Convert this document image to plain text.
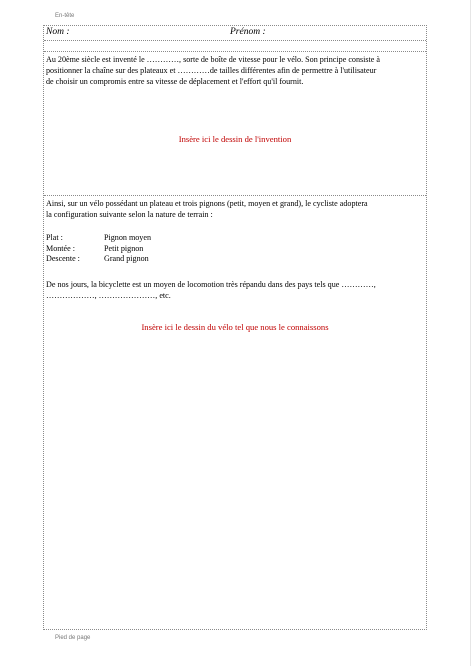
En-tête
Nom :	Prénom :

Au 20ème siècle est inventé le …………, sorte de boîte de vitesse pour le vélo. Son principe consiste à
positionner la chaîne sur des plateaux et …………de tailles différentes afin de permettre à l'utilisateur
de choisir un compromis entre sa vitesse de déplacement et l'effort qu'il fournit.

Insère ici le dessin de l'invention

Ainsi, sur un vélo possédant un plateau et trois pignons (petit, moyen et grand), le cycliste adoptera
la configuration suivante selon la nature de terrain :

Plat :	Pignon moyen
Montée :	Petit pignon
Descente :	Grand pignon

De nos jours, la bicyclette est un moyen de locomotion très répandu dans des pays tels que …………,
………………, …………………, etc.

Insère ici le dessin du vélo tel que nous le connaissons
Pied de page
